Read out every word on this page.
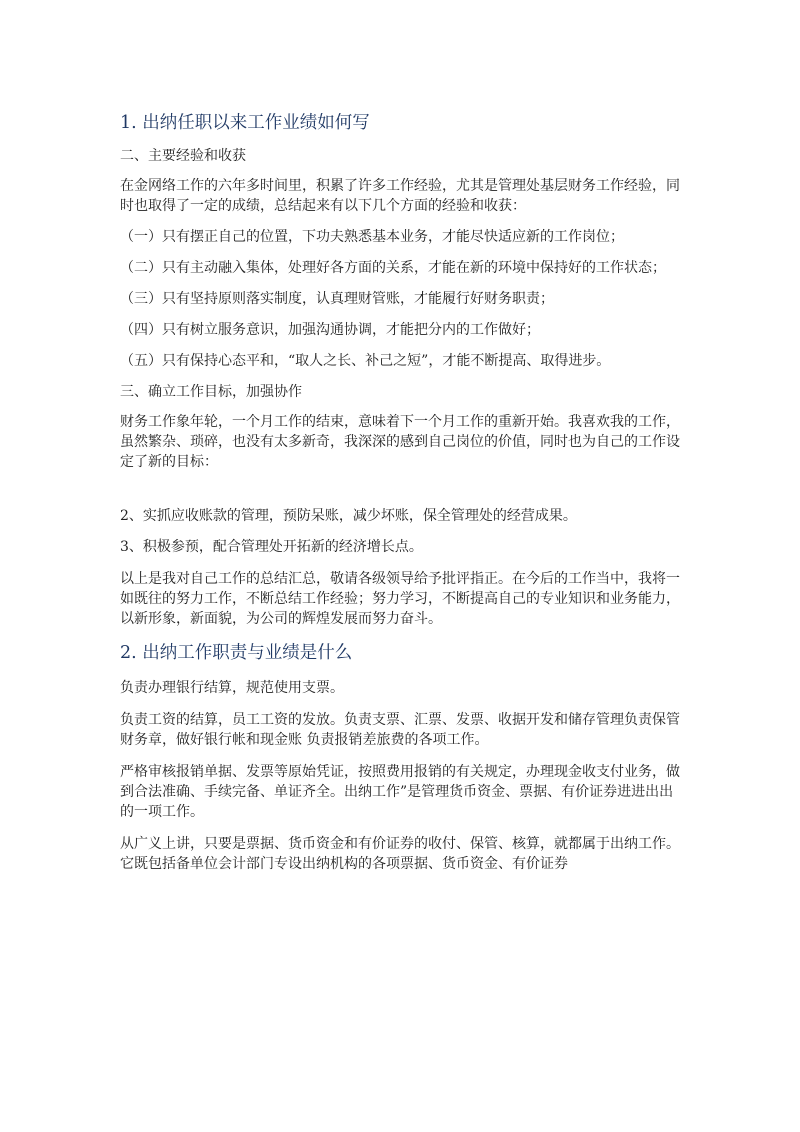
1. 出纳任职以来工作业绩如何写

二、主要经验和收获

在金网络工作的六年多时间里，积累了许多工作经验，尤其是管理处基层财务工作经验，同时也取得了一定的成绩，总结起来有以下几个方面的经验和收获：

（一）只有摆正自己的位置，下功夫熟悉基本业务，才能尽快适应新的工作岗位；

（二）只有主动融入集体，处理好各方面的关系，才能在新的环境中保持好的工作状态；

（三）只有坚持原则落实制度，认真理财管账，才能履行好财务职责；

（四）只有树立服务意识，加强沟通协调，才能把分内的工作做好；

（五）只有保持心态平和，“取人之长、补己之短”，才能不断提高、取得进步。

三、确立工作目标，加强协作

财务工作象年轮，一个月工作的结束，意味着下一个月工作的重新开始。我喜欢我的工作，虽然繁杂、琐碎，也没有太多新奇，我深深的感到自己岗位的价值，同时也为自己的工作设定了新的目标：

2、实抓应收账款的管理，预防呆账，减少坏账，保全管理处的经营成果。

3、积极参预，配合管理处开拓新的经济增长点。

以上是我对自己工作的总结汇总，敬请各级领导给予批评指正。在今后的工作当中，我将一如既往的努力工作，不断总结工作经验；努力学习，不断提高自己的专业知识和业务能力，以新形象，新面貌，为公司的辉煌发展而努力奋斗。

2. 出纳工作职责与业绩是什么

负责办理银行结算，规范使用支票。

负责工资的结算，员工工资的发放。负责支票、汇票、发票、收据开发和储存管理负责保管财务章，做好银行帐和现金账 负责报销差旅费的各项工作。

严格审核报销单据、发票等原始凭证，按照费用报销的有关规定，办理现金收支付业务，做到合法准确、手续完备、单证齐全。出纳工作”是管理货币资金、票据、有价证券进进出出的一项工作。

从广义上讲，只要是票据、货币资金和有价证券的收付、保管、核算，就都属于出纳工作。它既包括备单位会计部门专设出纳机构的各项票据、货币资金、有价证券
